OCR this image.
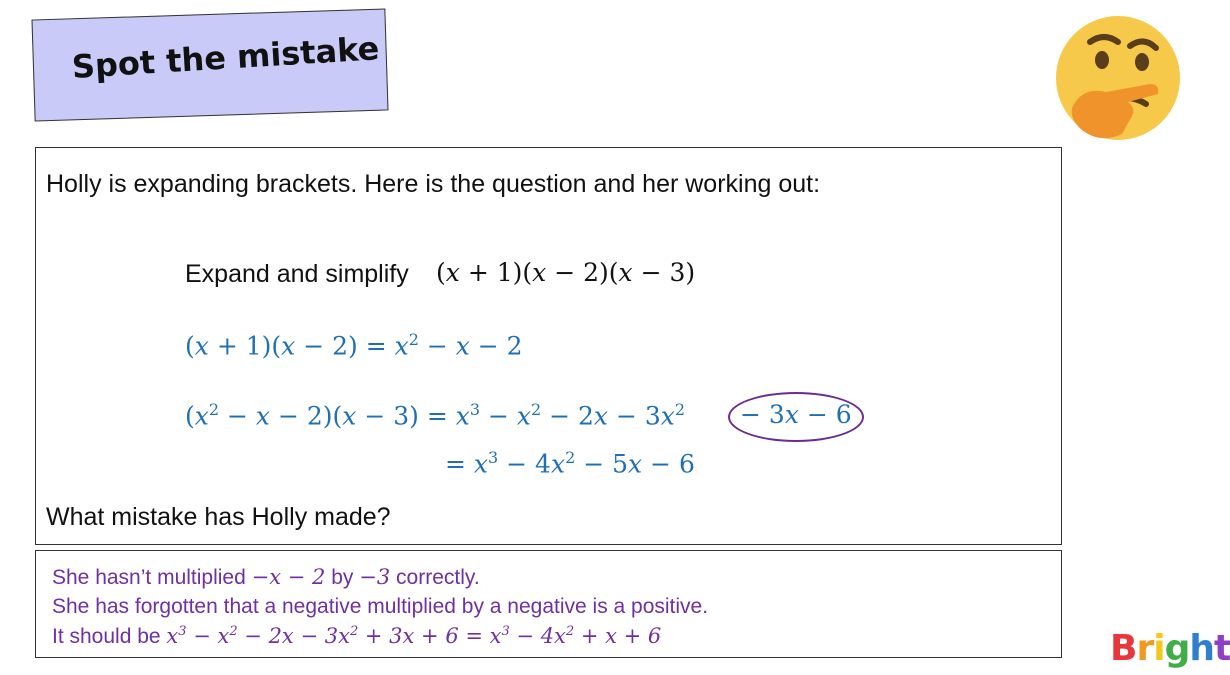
Spot the mistake
Holly is expanding brackets. Here is the question and her working out:
Expand and simplify (x + 1)(x − 2)(x − 3)
$(x + 1)(x - 2) = x^2 - x - 2$
$(x^2 - x - 2)(x - 3) = x^3 - x^2 - 2x - 3x^2 - 3x - 6$
= $x^3 - 4x^2 - 5x - 6$
What mistake has Holly made?
She hasn’t multiplied −x − 2 by −3 correctly.
She has forgotten that a negative multiplied by a negative is a positive.
It should be $x^3 - x^2 - 2x - 3x^2 + 3x + 6 = x^3 - 4x^2 + x + 6$	Bright
